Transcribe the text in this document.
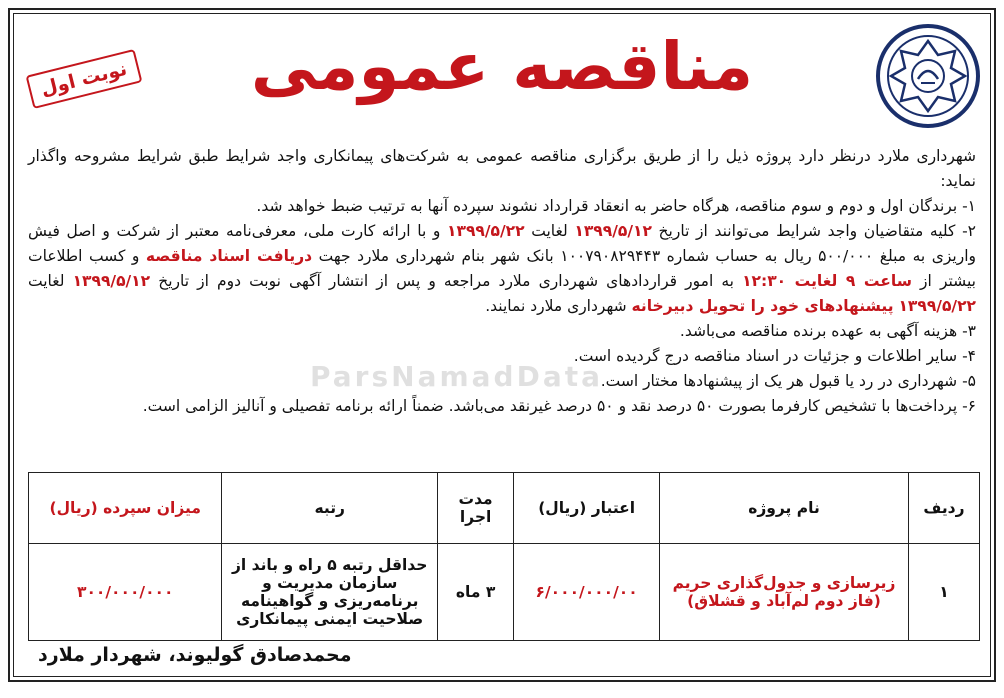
مناقصه عمومی
نوبت اول

شهرداری ملارد درنظر دارد پروژه ذیل را از طریق برگزاری مناقصه عمومی به شرکت‌های پیمانکاری واجد شرایط طبق شرایط مشروحه واگذار نماید:

۱- برندگان اول و دوم و سوم مناقصه، هرگاه حاضر به انعقاد قرارداد نشوند سپرده آنها به ترتیب ضبط خواهد شد.

۲- کلیه متقاضیان واجد شرایط می‌توانند از تاریخ ۱۳۹۹/۵/۱۲ لغایت ۱۳۹۹/۵/۲۲ و با ارائه کارت ملی، معرفی‌نامه معتبر از شرکت و اصل فیش واریزی به مبلغ ۵۰۰/۰۰۰ ریال به حساب شماره ۱۰۰۷۹۰۸۲۹۴۴۳ بانک شهر بنام شهرداری ملارد جهت دریافت اسناد مناقصه و کسب اطلاعات بیشتر از ساعت ۹ لغایت ۱۲:۳۰ به امور قراردادهای شهرداری ملارد مراجعه و پس از انتشار آگهی نوبت دوم از تاریخ ۱۳۹۹/۵/۱۲ لغایت ۱۳۹۹/۵/۲۲ پیشنهادهای خود را تحویل دبیرخانه شهرداری ملارد نمایند.

۳- هزینه آگهی به عهده برنده مناقصه می‌باشد.

۴- سایر اطلاعات و جزئیات در اسناد مناقصه درج گردیده است.

۵- شهرداری در رد یا قبول هر یک از پیشنهادها مختار است.

۶- پرداخت‌ها با تشخیص کارفرما بصورت ۵۰ درصد نقد و ۵۰ درصد غیرنقد می‌باشد. ضمناً ارائه برنامه تفصیلی و آنالیز الزامی است.

ParsNamadData
ردیف	نام پروژه	اعتبار (ریال)	مدت اجرا	رتبه	میزان سپرده (ریال)
۱	زیرسازی و جدول‌گذاری حریم (فاز دوم لم‌آباد و قشلاق)	۶/۰۰۰/۰۰۰/۰۰	۳ ماه	حداقل رتبه ۵ راه و باند از سازمان مدیریت و برنامه‌ریزی و گواهینامه صلاحیت ایمنی پیمانکاری	۳۰۰/۰۰۰/۰۰۰
محمدصادق گولیوند، شهردار ملارد
